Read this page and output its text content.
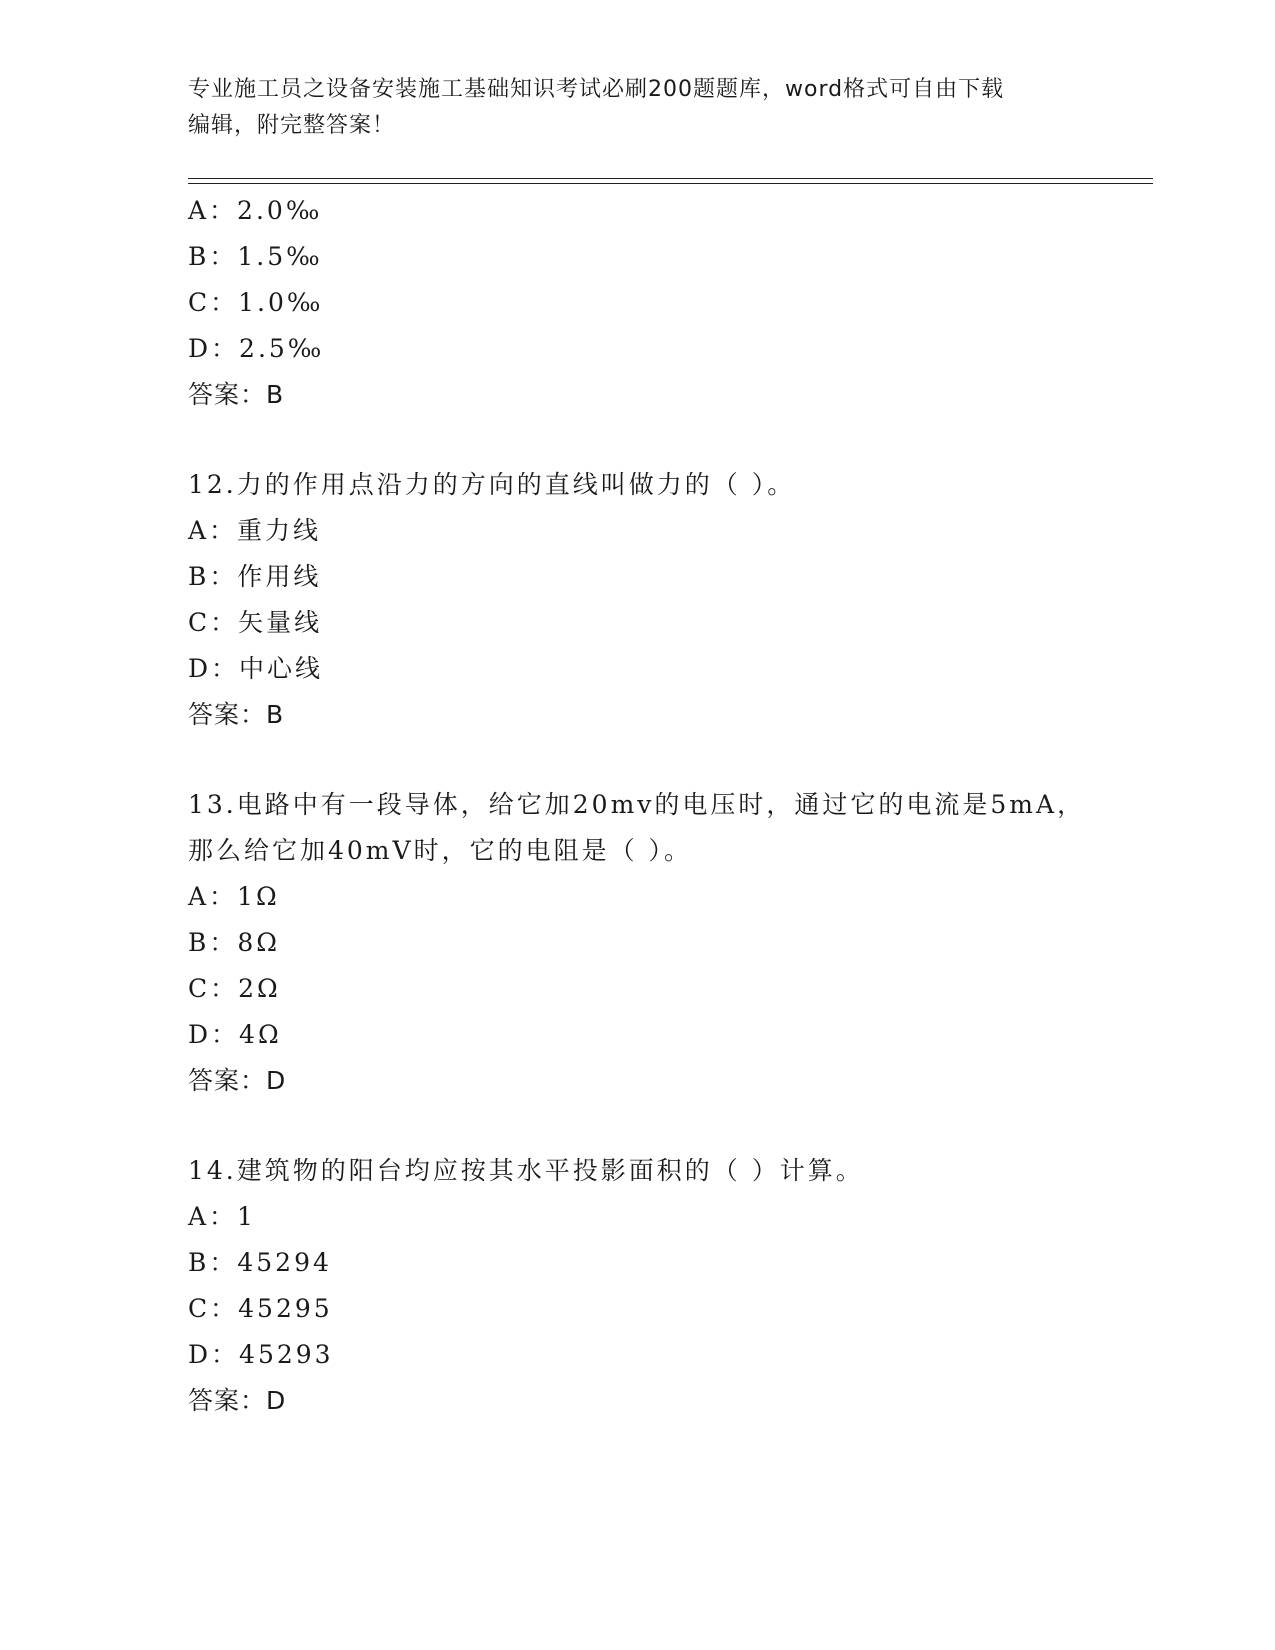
专业施工员之设备安装施工基础知识考试必刷200题题库，word格式可自由下载
编辑，附完整答案！
A：2.0‰
B：1.5‰
C：1.0‰
D：2.5‰
答案：B
12.力的作用点沿力的方向的直线叫做力的（ ）。
A：重力线
B：作用线
C：矢量线
D：中心线
答案：B
13.电路中有一段导体，给它加20mv的电压时，通过它的电流是5mA，
那么给它加40mV时，它的电阻是（ ）。
A：1Ω
B：8Ω
C：2Ω
D：4Ω
答案：D
14.建筑物的阳台均应按其水平投影面积的（ ）计算。
A：1
B：45294
C：45295
D：45293
答案：D
